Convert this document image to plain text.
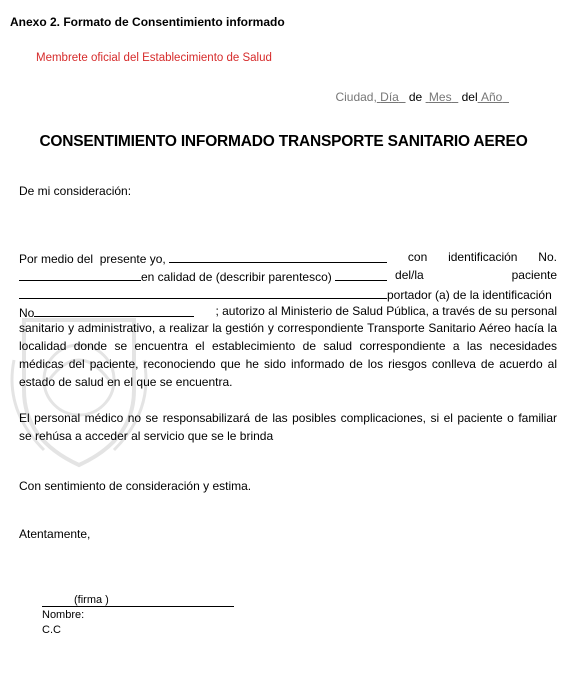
Anexo 2. Formato de Consentimiento informado
Membrete oficial del Establecimiento de Salud
Ciudad, Día de Mes del Año
CONSENTIMIENTO INFORMADO TRANSPORTE SANITARIO AEREO
De mi consideración:
Por medio del presente yo,	con identificación No.
en calidad de (describir parentesco)	del/la	paciente
portador (a) de la identificación
No	; autorizo al Ministerio de Salud Pública, a través de su personal
sanitario y administrativo, a realizar la gestión y correspondiente Transporte Sanitario Aéreo hacía la localidad donde se encuentra el establecimiento de salud correspondiente a las necesidades médicas del paciente, reconociendo que he sido informado de los riesgos conlleva de acuerdo al estado de salud en el que se encuentra.
El personal médico no se responsabilizará de las posibles complicaciones, si el paciente o familiar se rehúsa a acceder al servicio que se le brinda
Con sentimiento de consideración y estima.
Atentamente,
(firma )
Nombre:
C.C
